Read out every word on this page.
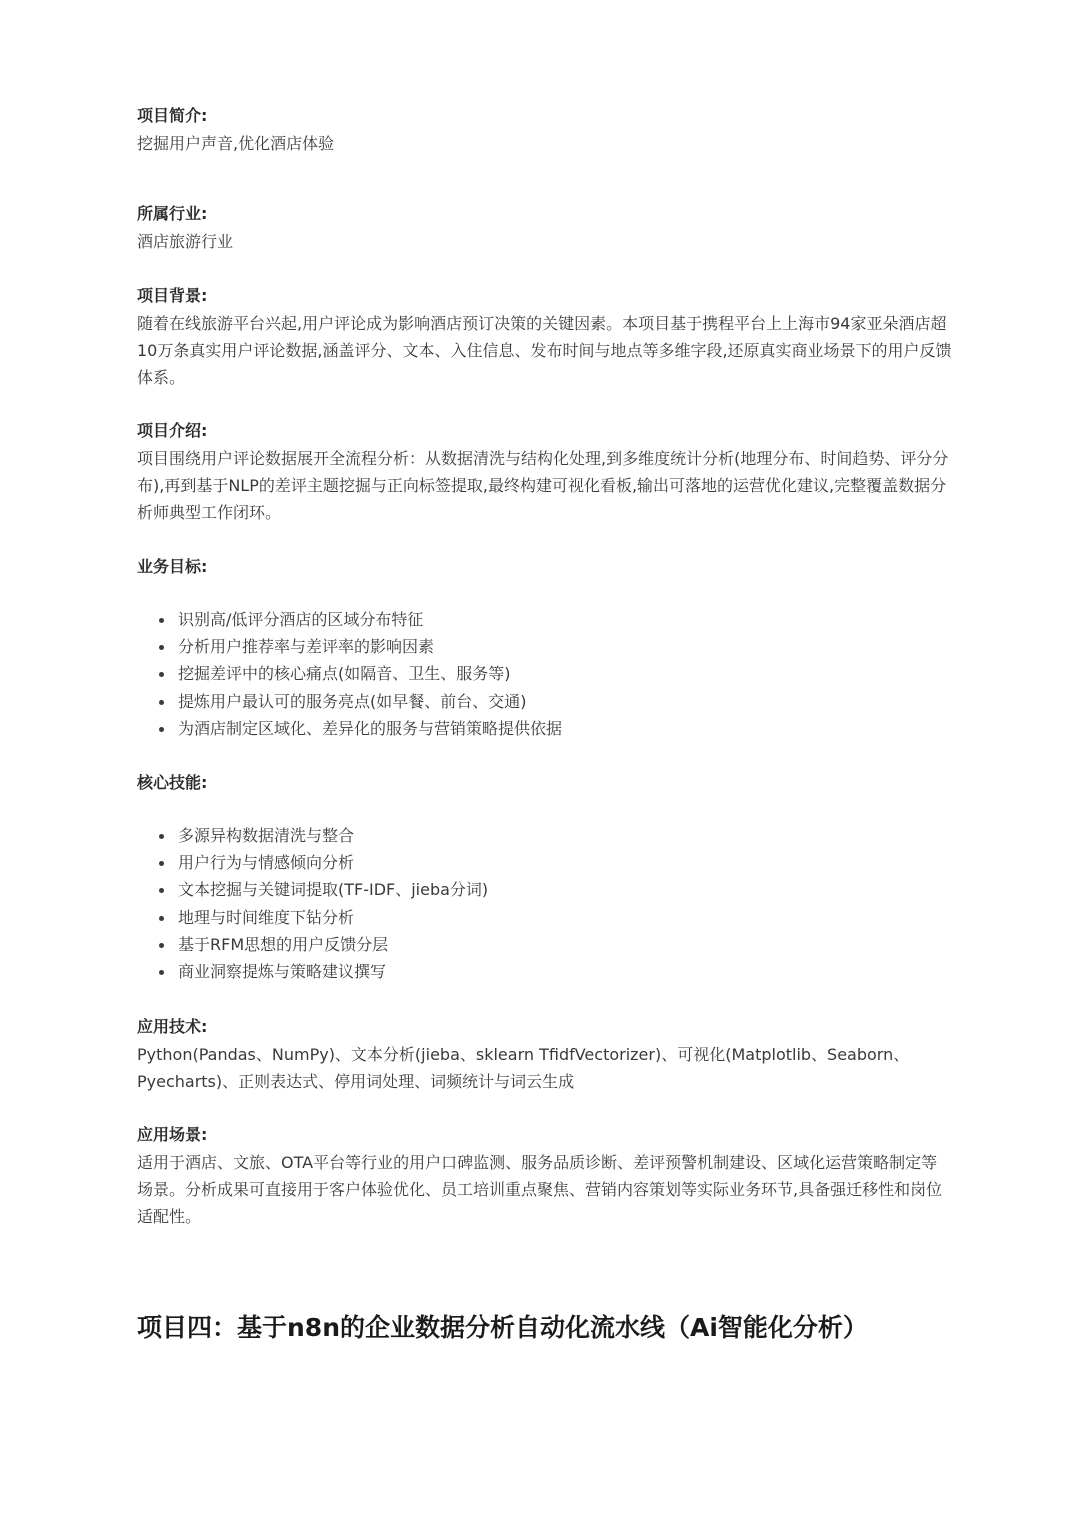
项目简介:
挖掘用户声音,优化酒店体验
所属行业:
酒店旅游行业
项目背景:
随着在线旅游平台兴起,用户评论成为影响酒店预订决策的关键因素。本项目基于携程平台上上海市94家亚朵酒店超10万条真实用户评论数据,涵盖评分、文本、入住信息、发布时间与地点等多维字段,还原真实商业场景下的用户反馈体系。
项目介绍:
项目围绕用户评论数据展开全流程分析：从数据清洗与结构化处理,到多维度统计分析(地理分布、时间趋势、评分分布),再到基于NLP的差评主题挖掘与正向标签提取,最终构建可视化看板,输出可落地的运营优化建议,完整覆盖数据分析师典型工作闭环。
业务目标:
识别高/低评分酒店的区域分布特征
分析用户推荐率与差评率的影响因素
挖掘差评中的核心痛点(如隔音、卫生、服务等)
提炼用户最认可的服务亮点(如早餐、前台、交通)
为酒店制定区域化、差异化的服务与营销策略提供依据
核心技能:
多源异构数据清洗与整合
用户行为与情感倾向分析
文本挖掘与关键词提取(TF-IDF、jieba分词)
地理与时间维度下钻分析
基于RFM思想的用户反馈分层
商业洞察提炼与策略建议撰写
应用技术:
Python(Pandas、NumPy)、文本分析(jieba、sklearn TfidfVectorizer)、可视化(Matplotlib、Seaborn、Pyecharts)、正则表达式、停用词处理、词频统计与词云生成
应用场景:
适用于酒店、文旅、OTA平台等行业的用户口碑监测、服务品质诊断、差评预警机制建设、区域化运营策略制定等场景。分析成果可直接用于客户体验优化、员工培训重点聚焦、营销内容策划等实际业务环节,具备强迁移性和岗位适配性。
项目四：基于n8n的企业数据分析自动化流水线（Ai智能化分析）
